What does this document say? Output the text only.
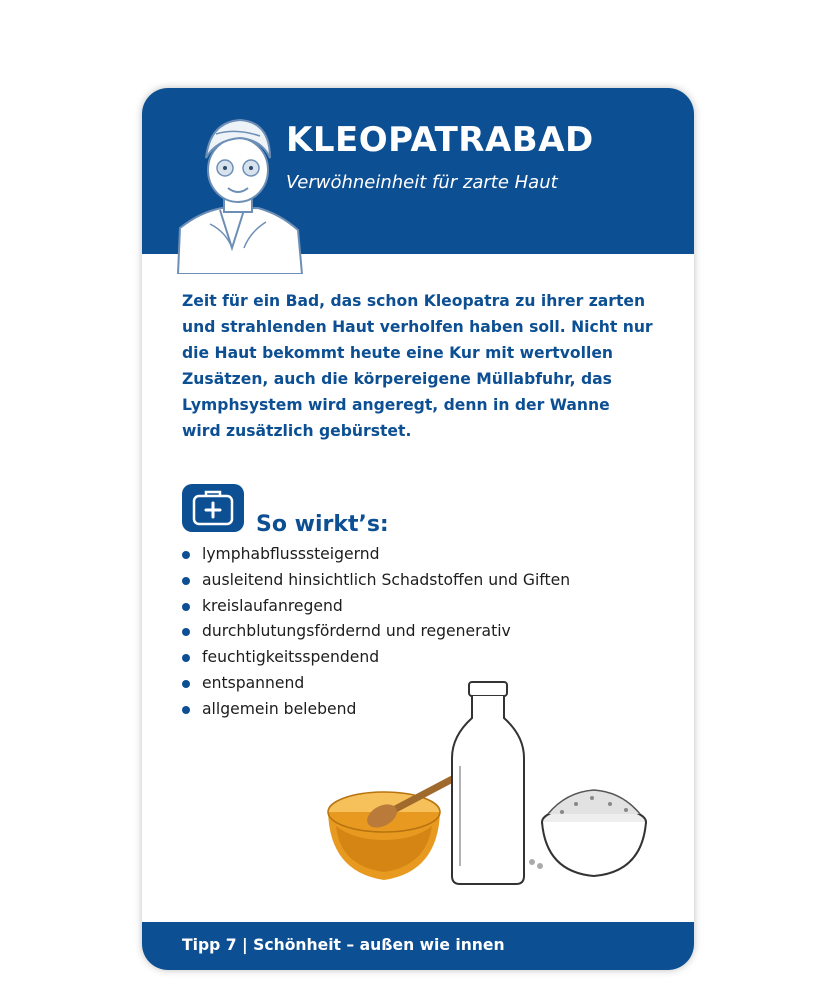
KLEOPATRABAD
Verwöhneinheit für zarte Haut
Zeit für ein Bad, das schon Kleopatra zu ihrer zarten
und strahlenden Haut verholfen haben soll. Nicht nur
die Haut bekommt heute eine Kur mit wertvollen
Zusätzen, auch die körpereigene Müllabfuhr, das
Lymphsystem wird angeregt, denn in der Wanne
wird zusätzlich gebürstet.
So wirkt’s:
lymphabflusssteigernd
ausleitend hinsichtlich Schadstoffen und Giften
kreislaufanregend
durchblutungsfördernd und regenerativ
feuchtigkeitsspendend
entspannend
allgemein belebend
Tipp 7 | Schönheit – außen wie innen
